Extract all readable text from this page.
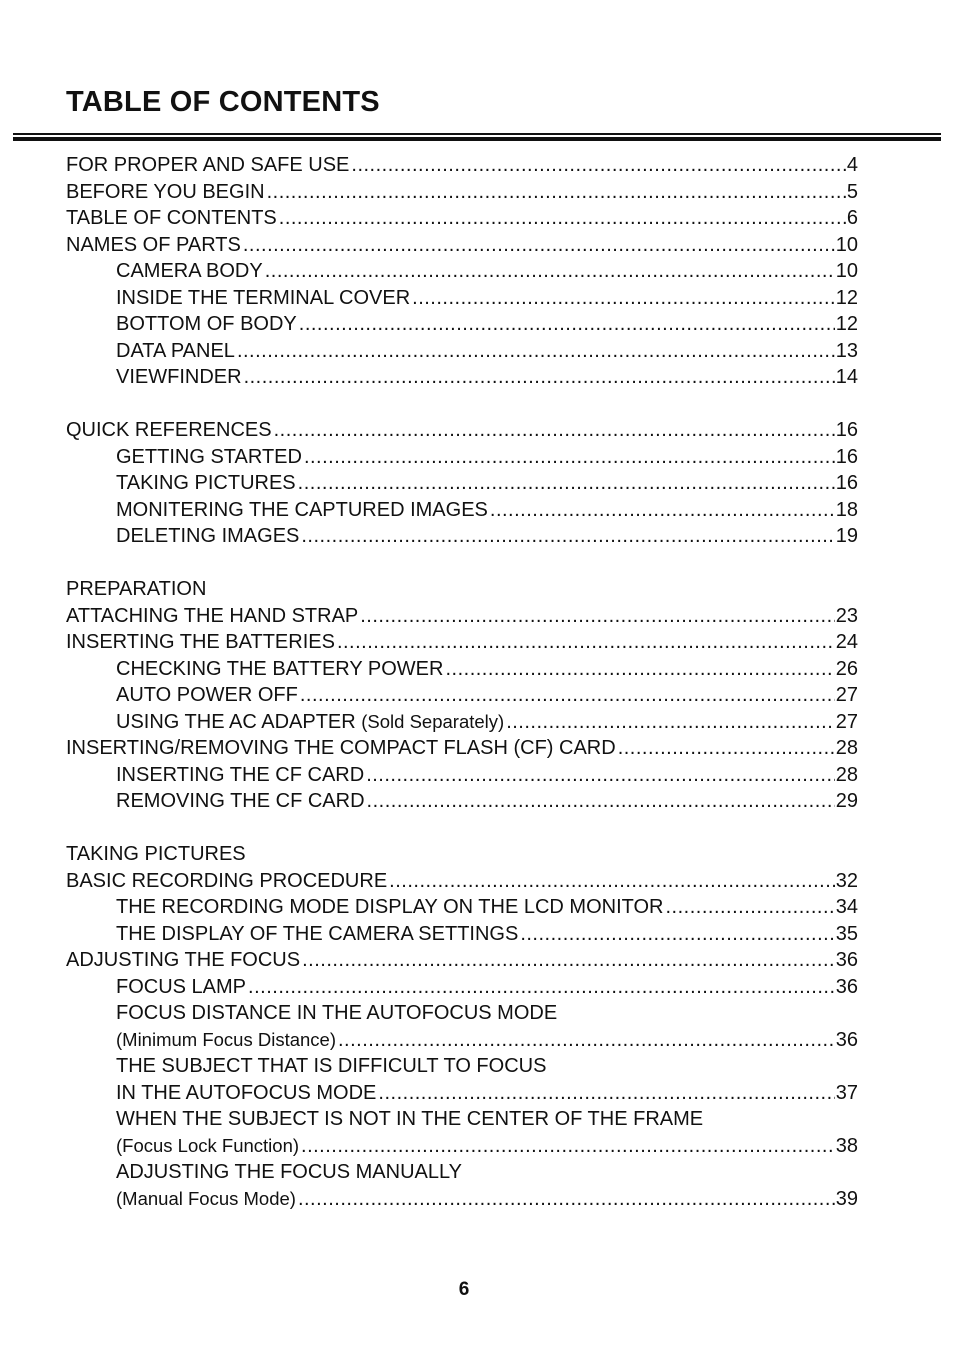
TABLE OF CONTENTS
FOR PROPER AND SAFE USE .....	4
BEFORE YOU BEGIN .....	5
TABLE OF CONTENTS .....	6
NAMES OF PARTS .....	10
CAMERA BODY .....	10
INSIDE THE TERMINAL COVER .....	12
BOTTOM OF BODY .....	12
DATA PANEL .....	13
VIEWFINDER .....	14
QUICK REFERENCES .....	16
GETTING STARTED .....	16
TAKING PICTURES .....	16
MONITERING THE CAPTURED IMAGES .....	18
DELETING IMAGES .....	19
PREPARATION
ATTACHING THE HAND STRAP .....	23
INSERTING THE BATTERIES .....	24
CHECKING THE BATTERY POWER .....	26
AUTO POWER OFF .....	27
USING THE AC ADAPTER (Sold Separately) .....	27
INSERTING/REMOVING THE COMPACT FLASH (CF) CARD .....	28
INSERTING THE CF CARD .....	28
REMOVING THE CF CARD .....	29
TAKING PICTURES
BASIC RECORDING PROCEDURE .....	32
THE RECORDING MODE DISPLAY ON THE LCD MONITOR .....	34
THE DISPLAY OF THE CAMERA SETTINGS .....	35
ADJUSTING THE FOCUS .....	36
FOCUS LAMP .....	36
FOCUS DISTANCE IN THE AUTOFOCUS MODE
(Minimum Focus Distance) .....	36
THE SUBJECT THAT IS DIFFICULT TO FOCUS
IN THE AUTOFOCUS MODE .....	37
WHEN THE SUBJECT IS NOT IN THE CENTER OF THE FRAME
(Focus Lock Function) .....	38
ADJUSTING THE FOCUS MANUALLY
(Manual Focus Mode) .....	39
6
